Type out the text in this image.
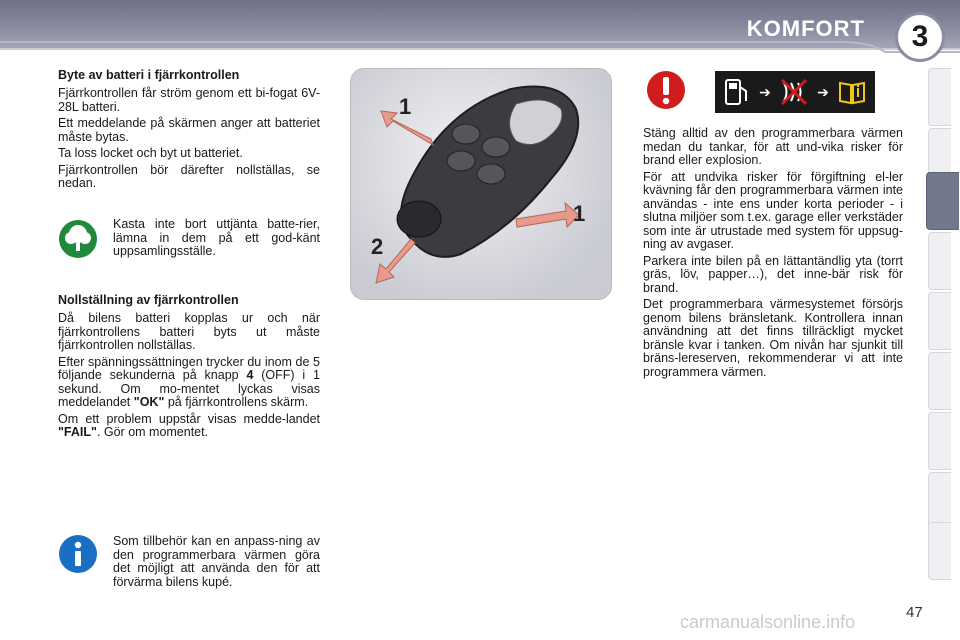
KOMFORT	3
Byte av batteri i fjärrkontrollen

Fjärrkontrollen får ström genom ett bi-fogat 6V-28L batteri.

Ett meddelande på skärmen anger att batteriet måste bytas.

Ta loss locket och byt ut batteriet.

Fjärrkontrollen bör därefter nollställas, se nedan.

Kasta inte bort uttjänta batte-rier, lämna in dem på ett god-känt uppsamlingsställe.

Nollställning av fjärrkontrollen

Då bilens batteri kopplas ur och när fjärrkontrollens batteri byts ut måste fjärrkontrollen nollställas.

Efter spänningssättningen trycker du inom de 5 följande sekunderna på knapp 4 (OFF) i 1 sekund. Om mo-mentet lyckas visas meddelandet "OK" på fjärrkontrollens skärm.

Om ett problem uppstår visas medde-landet "FAIL". Gör om momentet.

Som tillbehör kan en anpass-ning av den programmerbara värmen göra det möjligt att använda den för att förvärma bilens kupé.

1
1
2
➔	➔

Stäng alltid av den programmerbara värmen medan du tankar, för att und-vika risker för brand eller explosion.

För att undvika risker för förgiftning el-ler kvävning får den programmerbara värmen inte användas - inte ens under korta perioder - i slutna miljöer som t.ex. garage eller verkstäder som inte är utrustade med system för uppsug-ning av avgaser.

Parkera inte bilen på en lättantändlig yta (torrt gräs, löv, papper…), det inne-bär risk för brand.

Det programmerbara värmesystemet försörjs genom bilens bränsletank. Kontrollera innan användning att det finns tillräckligt mycket bränsle kvar i tanken. Om nivån har sjunkit till bräns-lereserven, rekommenderar vi att inte programmera värmen.

carmanualsonline.info	47
